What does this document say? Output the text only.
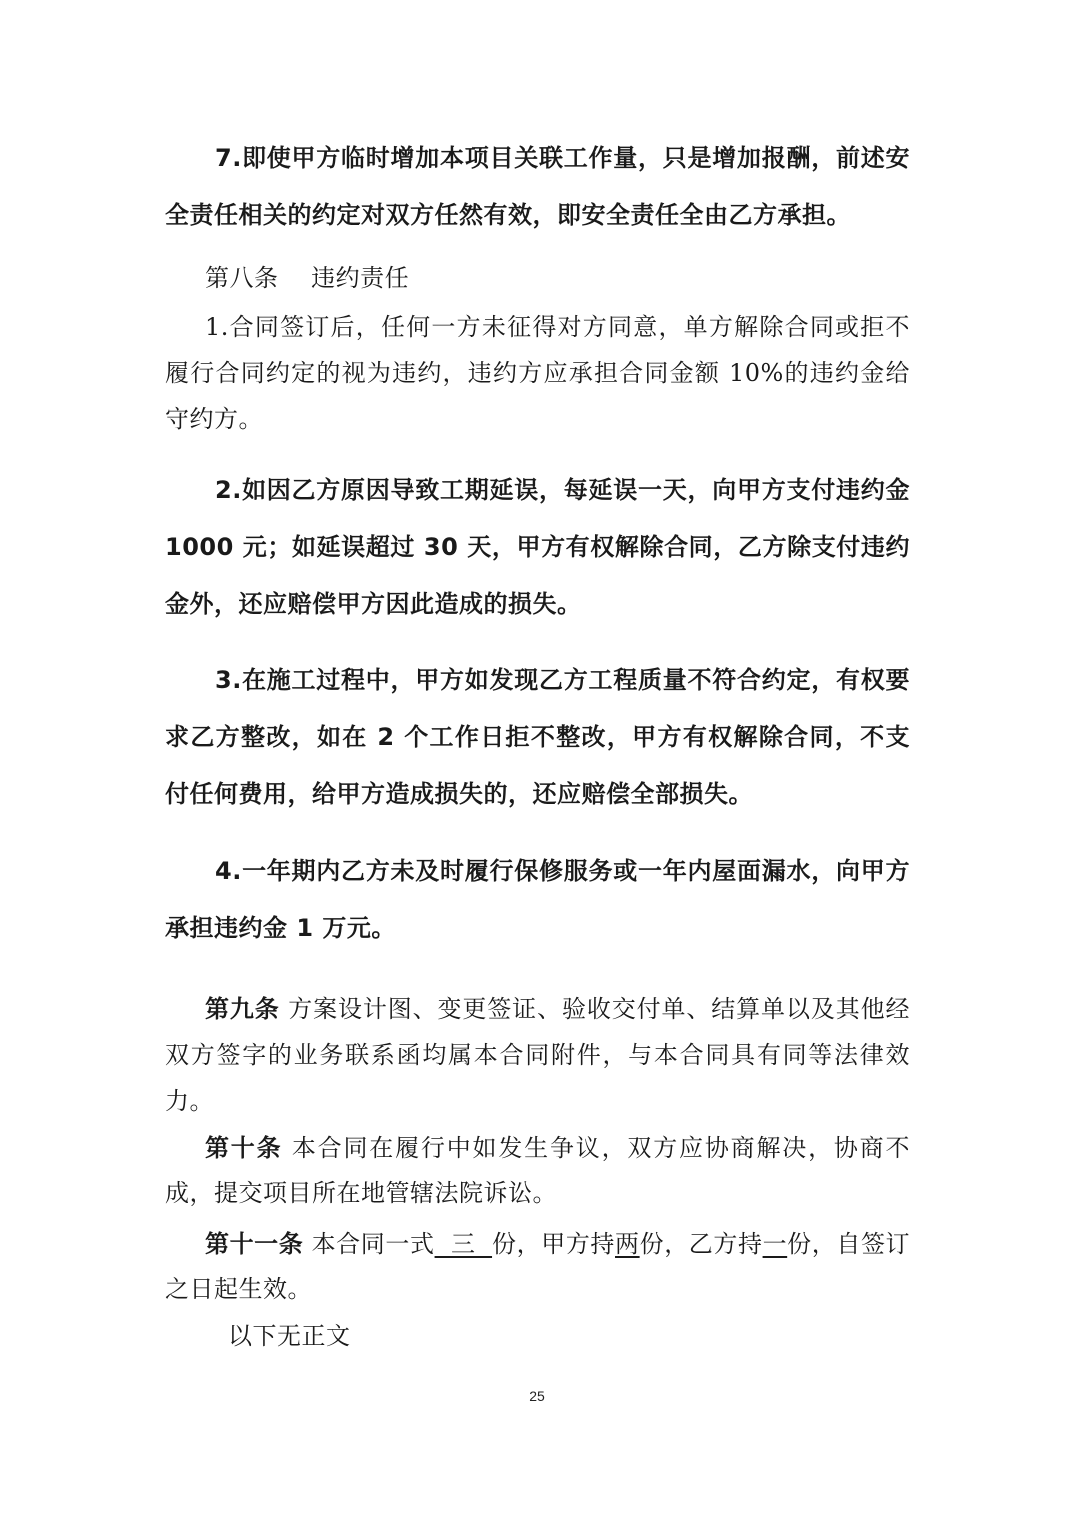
7.即使甲方临时增加本项目关联工作量，只是增加报酬，前述安全责任相关的约定对双方任然有效，即安全责任全由乙方承担。
第八条　 违约责任
1.合同签订后，任何一方未征得对方同意，单方解除合同或拒不履行合同约定的视为违约，违约方应承担合同金额 10%的违约金给守约方。
2.如因乙方原因导致工期延误，每延误一天，向甲方支付违约金1000 元；如延误超过 30 天，甲方有权解除合同，乙方除支付违约金外，还应赔偿甲方因此造成的损失。
3.在施工过程中，甲方如发现乙方工程质量不符合约定，有权要求乙方整改，如在 2 个工作日拒不整改，甲方有权解除合同，不支付任何费用，给甲方造成损失的，还应赔偿全部损失。
4.一年期内乙方未及时履行保修服务或一年内屋面漏水，向甲方承担违约金 1 万元。
第九条 方案设计图、变更签证、验收交付单、结算单以及其他经双方签字的业务联系函均属本合同附件，与本合同具有同等法律效力。
第十条 本合同在履行中如发生争议，双方应协商解决，协商不成，提交项目所在地管辖法院诉讼。
第十一条 本合同一式  三  份，甲方持两份，乙方持一份，自签订之日起生效。
以下无正文
25
